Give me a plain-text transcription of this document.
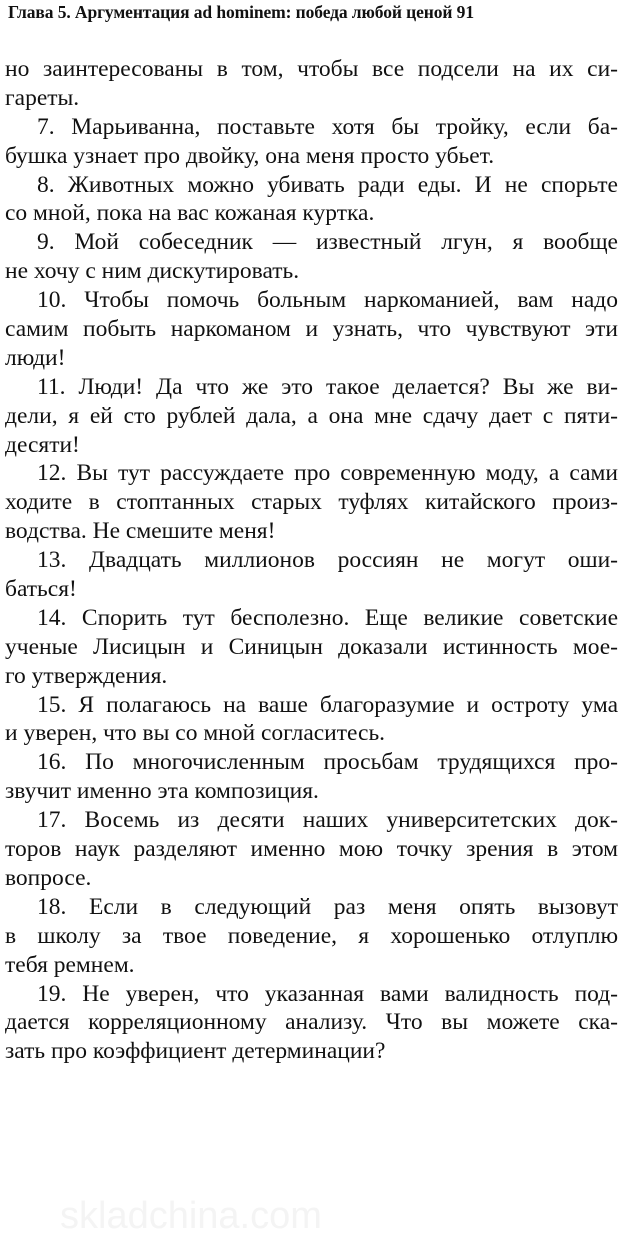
Глава 5. Аргументация ad hominem: победа любой ценой 91
но заинтересованы в том, чтобы все подсели на их си-
гареты.
7. Марьиванна, поставьте хотя бы тройку, если ба-
бушка узнает про двойку, она меня просто убьет.
8. Животных можно убивать ради еды. И не спорьте
со мной, пока на вас кожаная куртка.
9. Мой собеседник — известный лгун, я вообще
не хочу с ним дискутировать.
10. Чтобы помочь больным наркоманией, вам надо
самим побыть наркоманом и узнать, что чувствуют эти
люди!
11. Люди! Да что же это такое делается? Вы же ви-
дели, я ей сто рублей дала, а она мне сдачу дает с пяти-
десяти!
12. Вы тут рассуждаете про современную моду, а сами
ходите в стоптанных старых туфлях китайского произ-
водства. Не смешите меня!
13. Двадцать миллионов россиян не могут оши-
баться!
14. Спорить тут бесполезно. Еще великие советские
ученые Лисицын и Синицын доказали истинность мое-
го утверждения.
15. Я полагаюсь на ваше благоразумие и остроту ума
и уверен, что вы со мной согласитесь.
16. По многочисленным просьбам трудящихся про-
звучит именно эта композиция.
17. Восемь из десяти наших университетских док-
торов наук разделяют именно мою точку зрения в этом
вопросе.
18. Если в следующий раз меня опять вызовут
в школу за твое поведение, я хорошенько отлуплю
тебя ремнем.
19. Не уверен, что указанная вами валидность под-
дается корреляционному анализу. Что вы можете ска-
зать про коэффициент детерминации?
skladchina.com
